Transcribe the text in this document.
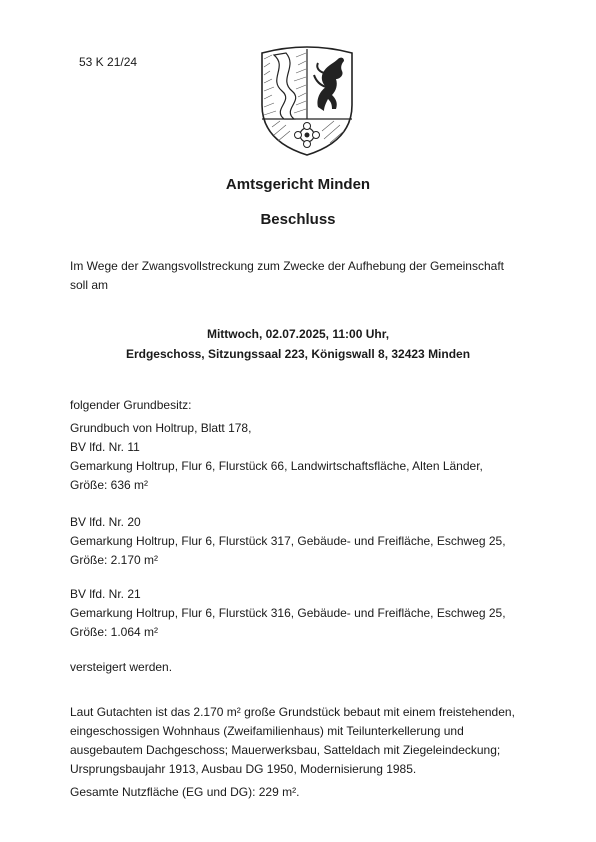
53 K 21/24
Amtsgericht Minden
Beschluss
Im Wege der Zwangsvollstreckung zum Zwecke der Aufhebung der Gemeinschaft
soll am
Mittwoch, 02.07.2025, 11:00 Uhr,
Erdgeschoss, Sitzungssaal 223, Königswall 8, 32423 Minden
folgender Grundbesitz:
Grundbuch von Holtrup, Blatt 178,
BV lfd. Nr. 11
Gemarkung Holtrup, Flur 6, Flurstück 66, Landwirtschaftsfläche, Alten Länder,
Größe: 636 m²
BV lfd. Nr. 20
Gemarkung Holtrup, Flur 6, Flurstück 317, Gebäude- und Freifläche, Eschweg 25,
Größe: 2.170 m²
BV lfd. Nr. 21
Gemarkung Holtrup, Flur 6, Flurstück 316, Gebäude- und Freifläche, Eschweg 25,
Größe: 1.064 m²
versteigert werden.
Laut Gutachten ist das 2.170 m² große Grundstück bebaut mit einem freistehenden,
eingeschossigen Wohnhaus (Zweifamilienhaus) mit Teilunterkellerung und
ausgebautem Dachgeschoss; Mauerwerksbau, Satteldach mit Ziegeleindeckung;
Ursprungsbaujahr 1913, Ausbau DG 1950, Modernisierung 1985.
Gesamte Nutzfläche (EG und DG): 229 m².
